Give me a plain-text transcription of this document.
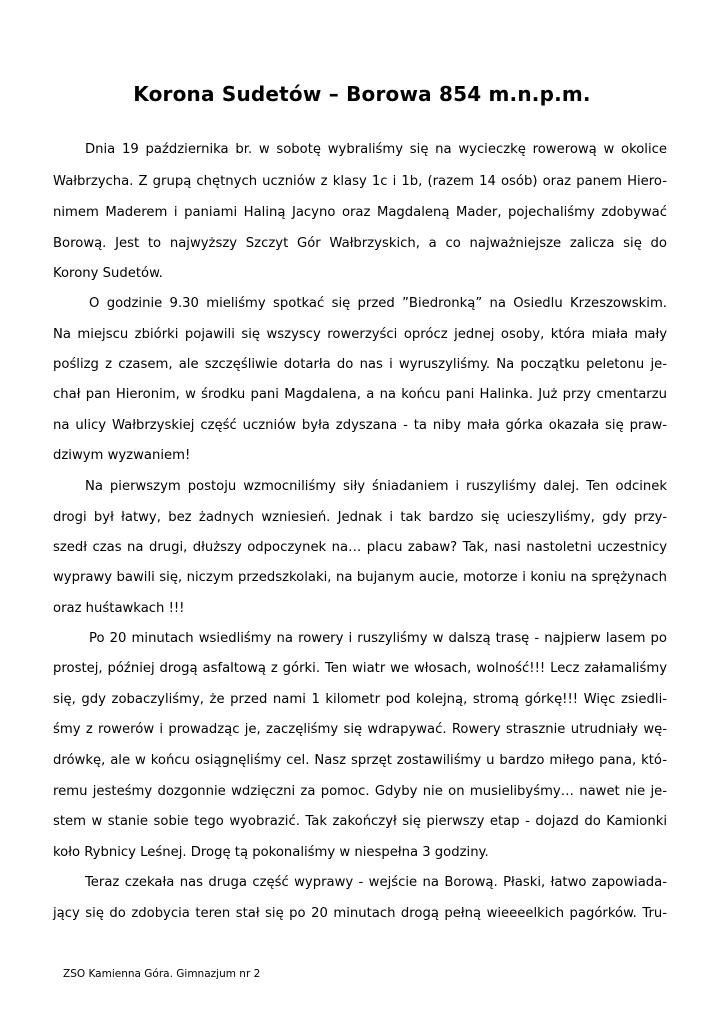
Korona Sudetów – Borowa 854 m.n.p.m.
Dnia 19 października br. w sobotę wybraliśmy się na wycieczkę rowerową w okolice
Wałbrzycha. Z grupą chętnych uczniów z klasy 1c i 1b, (razem 14 osób) oraz panem Hiero-
nimem Maderem i paniami Haliną Jacyno oraz Magdaleną Mader, pojechaliśmy zdobywać
Borową. Jest to najwyższy Szczyt Gór Wałbrzyskich, a co najważniejsze zalicza się do
Korony Sudetów.
O godzinie 9.30 mieliśmy spotkać się przed ”Biedronką” na Osiedlu Krzeszowskim.
Na miejscu zbiórki pojawili się wszyscy rowerzyści oprócz jednej osoby, która miała mały
poślizg z czasem, ale szczęśliwie dotarła do nas i wyruszyliśmy. Na początku peletonu je-
chał pan Hieronim, w środku pani Magdalena, a na końcu pani Halinka. Już przy cmentarzu
na ulicy Wałbrzyskiej część uczniów była zdyszana - ta niby mała górka okazała się praw-
dziwym wyzwaniem!
Na pierwszym postoju wzmocniliśmy siły śniadaniem i ruszyliśmy dalej. Ten odcinek
drogi był łatwy, bez żadnych wzniesień. Jednak i tak bardzo się ucieszyliśmy, gdy przy-
szedł czas na drugi, dłuższy odpoczynek na… placu zabaw? Tak, nasi nastoletni uczestnicy
wyprawy bawili się, niczym przedszkolaki, na bujanym aucie, motorze i koniu na sprężynach
oraz huśtawkach !!!
Po 20 minutach wsiedliśmy na rowery i ruszyliśmy w dalszą trasę - najpierw lasem po
prostej, później drogą asfaltową z górki. Ten wiatr we włosach, wolność!!! Lecz załamaliśmy
się, gdy zobaczyliśmy, że przed nami 1 kilometr pod kolejną, stromą górkę!!! Więc zsiedli-
śmy z rowerów i prowadząc je, zaczęliśmy się wdrapywać. Rowery strasznie utrudniały wę-
drówkę, ale w końcu osiągnęliśmy cel. Nasz sprzęt zostawiliśmy u bardzo miłego pana, któ-
remu jesteśmy dozgonnie wdzięczni za pomoc. Gdyby nie on musielibyśmy… nawet nie je-
stem w stanie sobie tego wyobrazić. Tak zakończył się pierwszy etap - dojazd do Kamionki
koło Rybnicy Leśnej. Drogę tą pokonaliśmy w niespełna 3 godziny.
Teraz czekała nas druga część wyprawy - wejście na Borową. Płaski, łatwo zapowiada-
jący się do zdobycia teren stał się po 20 minutach drogą pełną wieeeelkich pagórków. Tru-
ZSO Kamienna Góra. Gimnazjum nr 2
